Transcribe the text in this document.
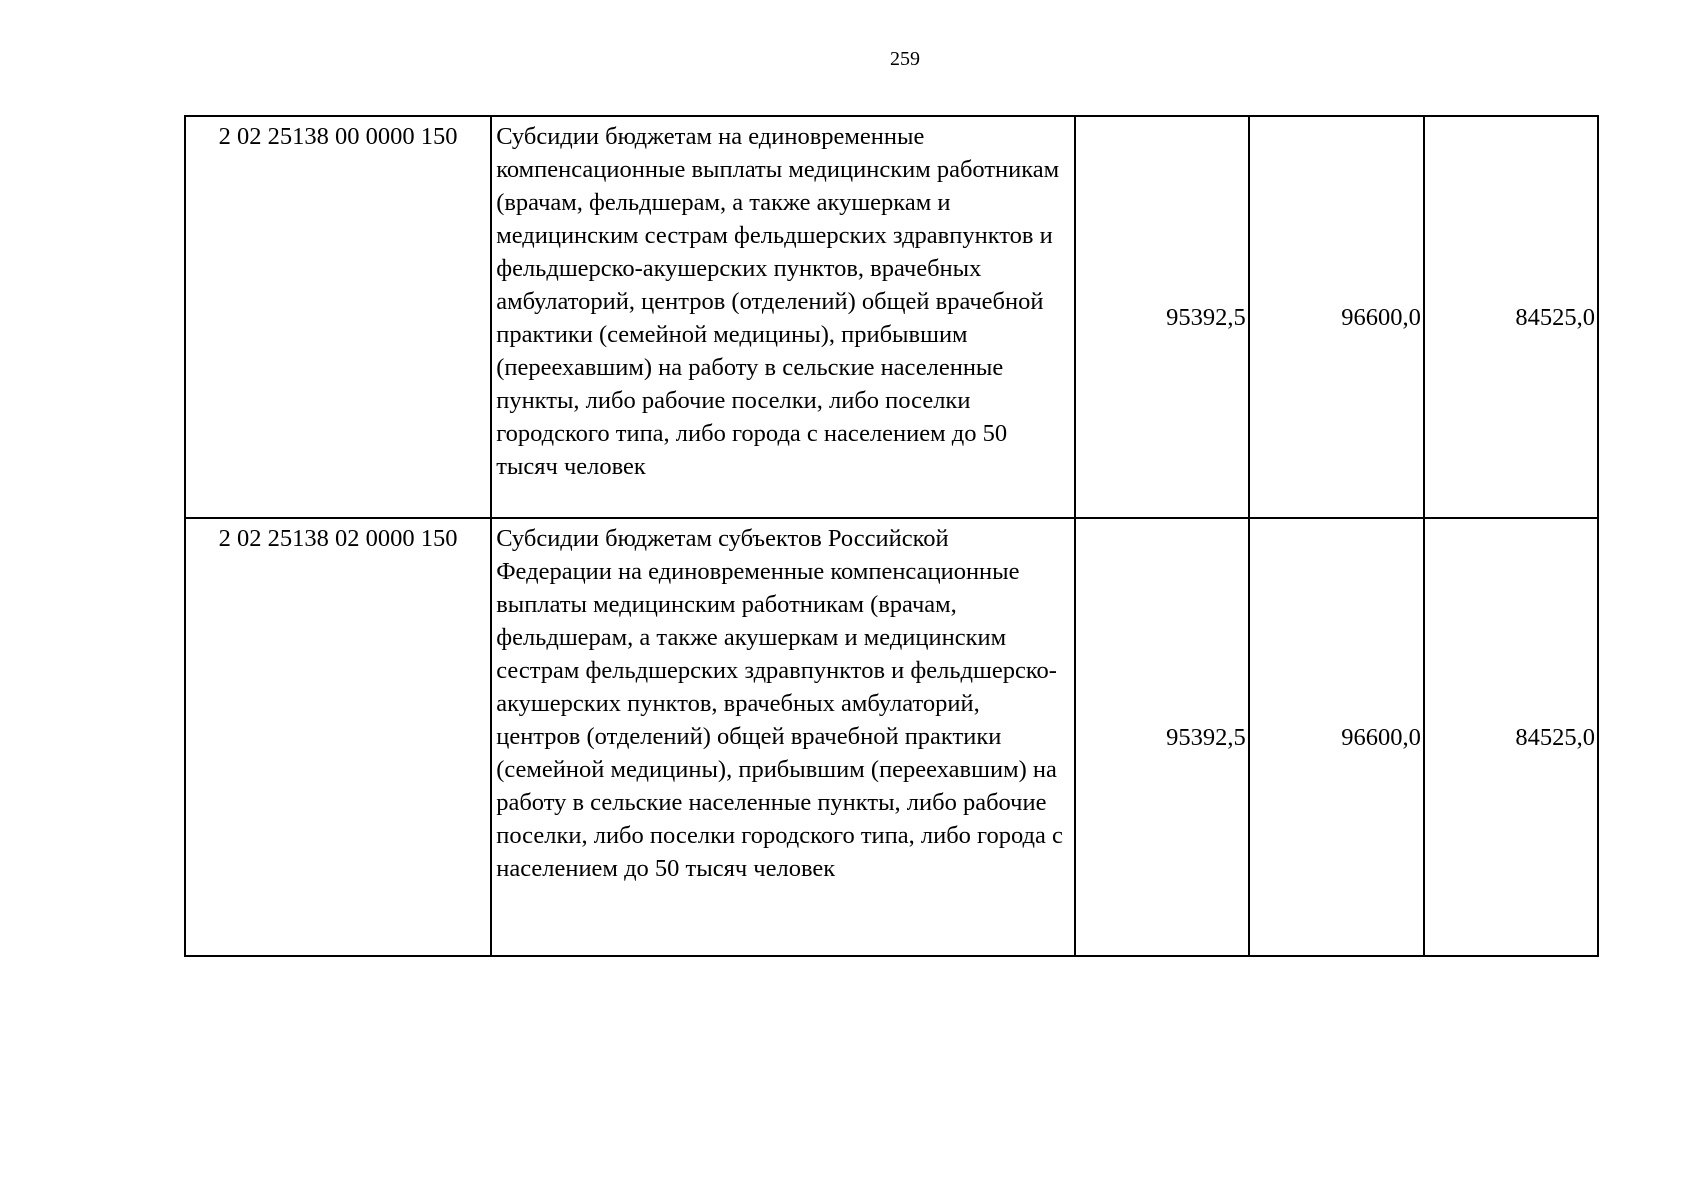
259
2 02 25138 00 0000 150	Субсидии бюджетам на единовременные компенсационные выплаты медицинским работникам (врачам, фельдшерам, а также акушеркам и медицинским сестрам фельдшерских здравпунктов и фельдшерско-акушерских пунктов, врачебных амбулаторий, центров (отделений) общей врачебной практики (семейной медицины), прибывшим (переехавшим) на работу в сельские населенные пункты, либо рабочие поселки, либо поселки городского типа, либо города с населением до 50 тысяч человек	95392,5	96600,0	84525,0
2 02 25138 02 0000 150	Субсидии бюджетам субъектов Российской Федерации на единовременные компенсационные выплаты медицинским работникам (врачам, фельдшерам, а также акушеркам и медицинским сестрам фельдшерских здравпунктов и фельдшерско-акушерских пунктов, врачебных амбулаторий, центров (отделений) общей врачебной практики (семейной медицины), прибывшим (переехавшим) на работу в сельские населенные пункты, либо рабочие поселки, либо поселки городского типа, либо города с населением до 50 тысяч человек	95392,5	96600,0	84525,0
